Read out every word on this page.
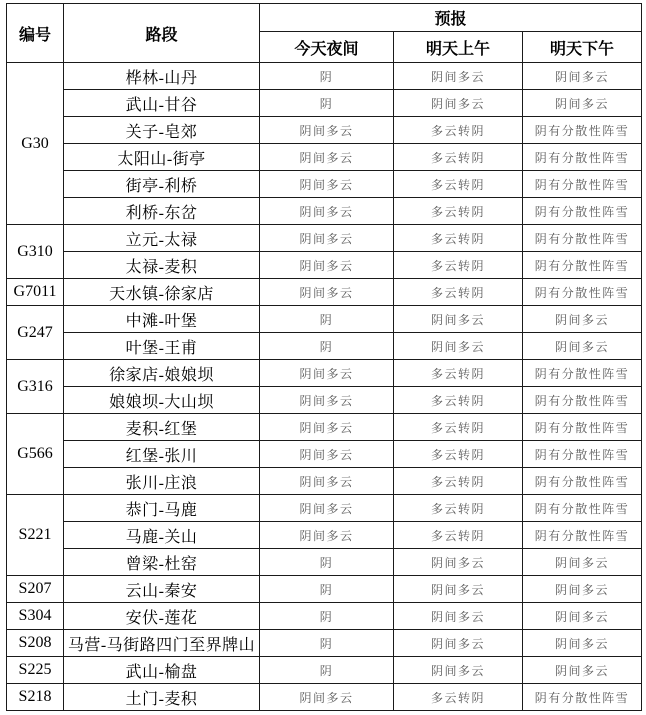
编号	路段	预报		
		今天夜间	明天上午	明天下午
G30	桦林-山丹	阴	阴间多云	阴间多云
	武山-甘谷	阴	阴间多云	阴间多云
	关子-皂郊	阴间多云	多云转阴	阴有分散性阵雪
	太阳山-街亭	阴间多云	多云转阴	阴有分散性阵雪
	街亭-利桥	阴间多云	多云转阴	阴有分散性阵雪
	利桥-东岔	阴间多云	多云转阴	阴有分散性阵雪
G310	立元-太禄	阴间多云	多云转阴	阴有分散性阵雪
	太禄-麦积	阴间多云	多云转阴	阴有分散性阵雪
G7011	天水镇-徐家店	阴间多云	多云转阴	阴有分散性阵雪
G247	中滩-叶堡	阴	阴间多云	阴间多云
	叶堡-王甫	阴	阴间多云	阴间多云
G316	徐家店-娘娘坝	阴间多云	多云转阴	阴有分散性阵雪
	娘娘坝-大山坝	阴间多云	多云转阴	阴有分散性阵雪
G566	麦积-红堡	阴间多云	多云转阴	阴有分散性阵雪
	红堡-张川	阴间多云	多云转阴	阴有分散性阵雪
	张川-庄浪	阴间多云	多云转阴	阴有分散性阵雪
S221	恭门-马鹿	阴间多云	多云转阴	阴有分散性阵雪
	马鹿-关山	阴间多云	多云转阴	阴有分散性阵雪
	曾梁-杜窑	阴	阴间多云	阴间多云
S207	云山-秦安	阴	阴间多云	阴间多云
S304	安伏-莲花	阴	阴间多云	阴间多云
S208	马营-马街路四门至界牌山	阴	阴间多云	阴间多云
S225	武山-榆盘	阴	阴间多云	阴间多云
S218	土门-麦积	阴间多云	多云转阴	阴有分散性阵雪
